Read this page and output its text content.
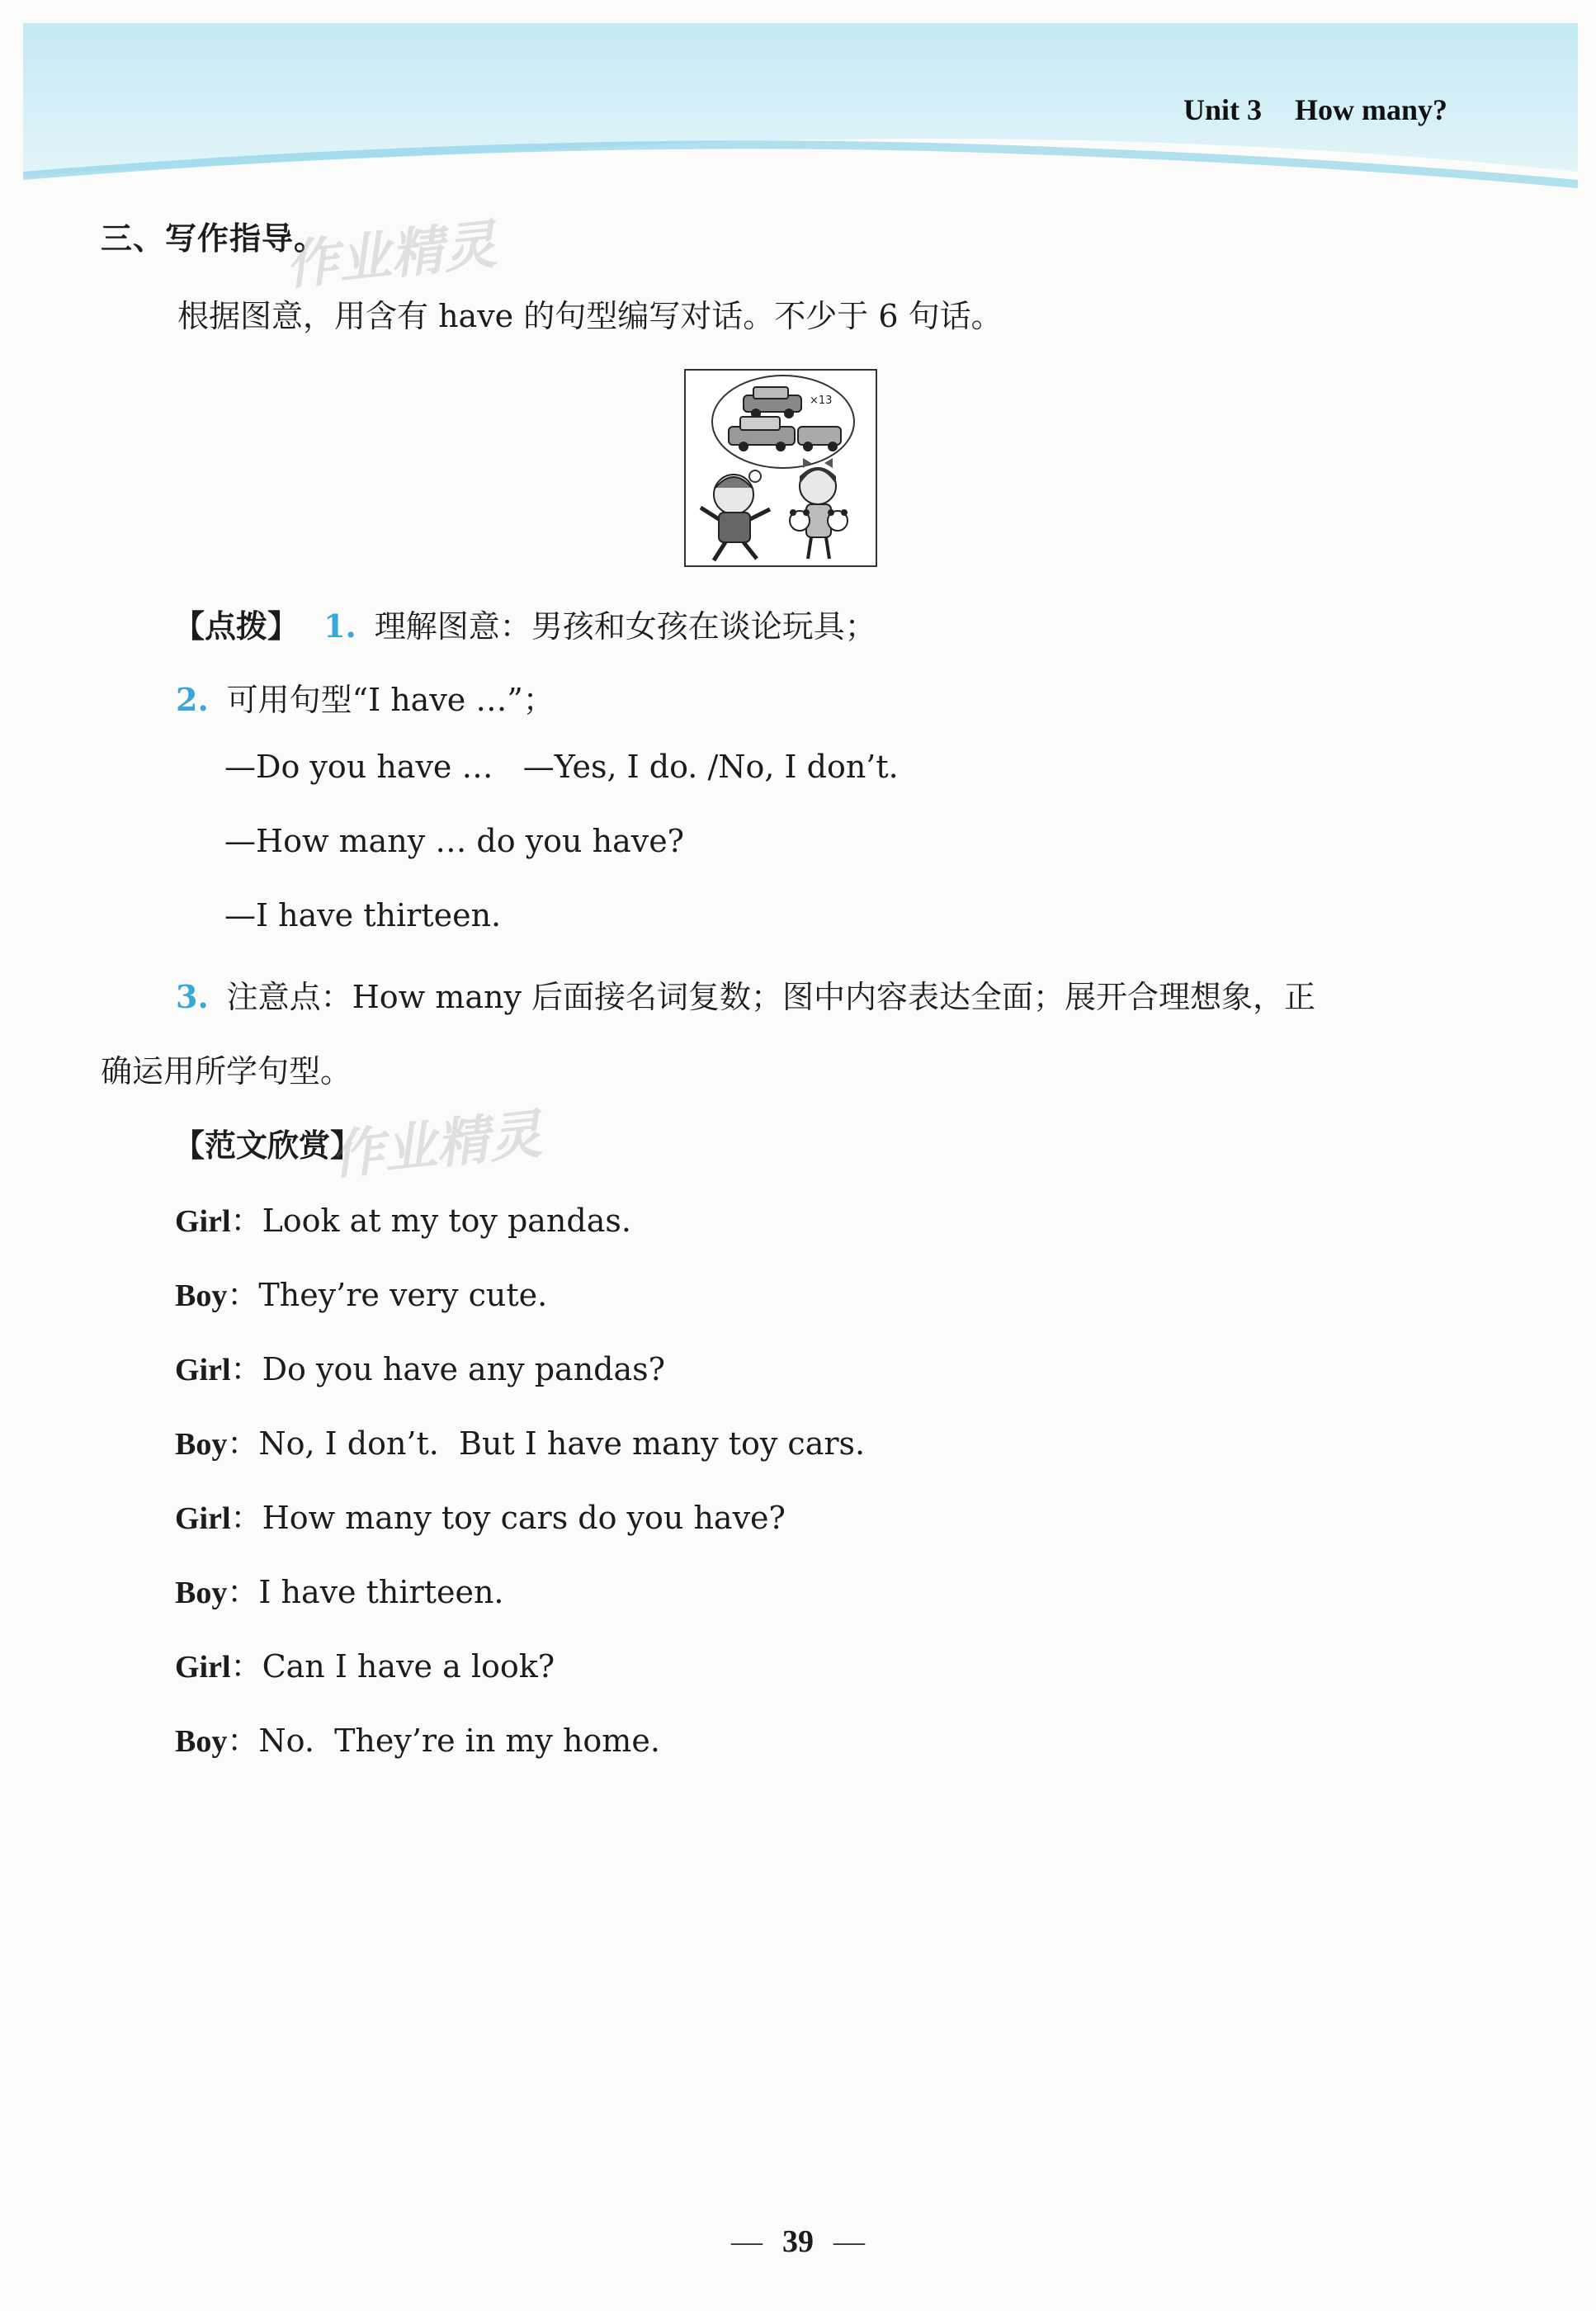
Unit 3 How many?
三、写作指导。
作业精灵
根据图意，用含有 have 的句型编写对话。不少于 6 句话。
×13
【点拨】 1. 理解图意：男孩和女孩在谈论玩具；
2. 可用句型“I have …”；
—Do you have …   —Yes, I do. /No, I don’t.
—How many … do you have?
—I have thirteen.
3. 注意点：How many 后面接名词复数；图中内容表达全面；展开合理想象，正
确运用所学句型。
【范文欣赏】
作业精灵
Girl：Look at my toy pandas.
Boy：They’re very cute.
Girl：Do you have any pandas?
Boy：No, I don’t.  But I have many toy cars.
Girl：How many toy cars do you have?
Boy：I have thirteen.
Girl：Can I have a look?
Boy：No.  They’re in my home.
— 39 —
